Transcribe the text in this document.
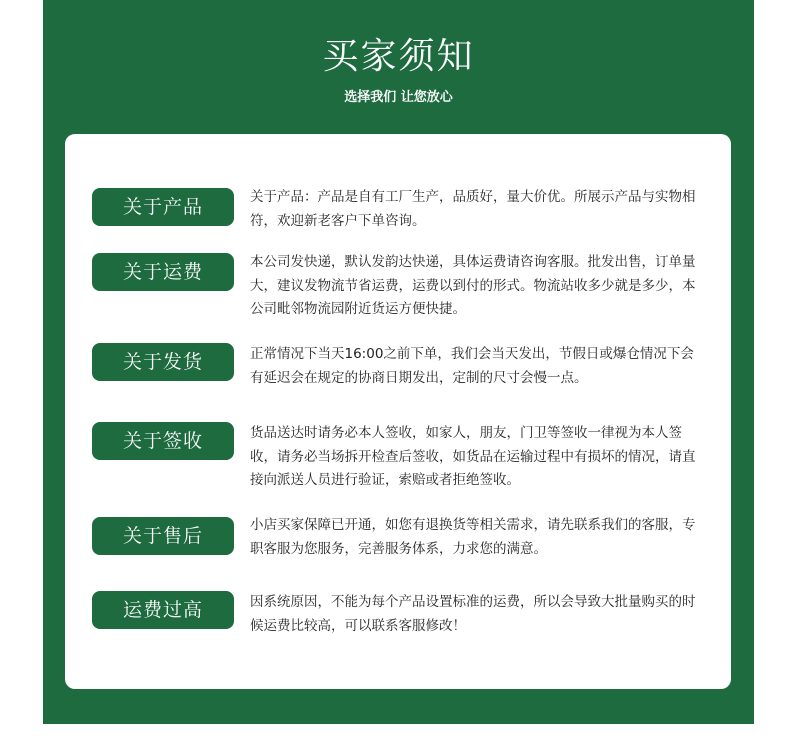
买家须知
选择我们 让您放心
关于产品	关于产品：产品是自有工厂生产，品质好，量大价优。所展示产品与实物相符，欢迎新老客户下单咨询。

关于运费	本公司发快递，默认发韵达快递，具体运费请咨询客服。批发出售，订单量大，建议发物流节省运费，运费以到付的形式。物流站收多少就是多少，本公司毗邻物流园附近货运方便快捷。

关于发货	正常情况下当天16:00之前下单，我们会当天发出，节假日或爆仓情况下会有延迟会在规定的协商日期发出，定制的尺寸会慢一点。

关于签收	货品送达时请务必本人签收，如家人，朋友，门卫等签收一律视为本人签收，请务必当场拆开检查后签收，如货品在运输过程中有损坏的情况，请直接向派送人员进行验证，索赔或者拒绝签收。

关于售后	小店买家保障已开通，如您有退换货等相关需求，请先联系我们的客服，专职客服为您服务，完善服务体系，力求您的满意。

运费过高	因系统原因，不能为每个产品设置标准的运费，所以会导致大批量购买的时候运费比较高，可以联系客服修改！
